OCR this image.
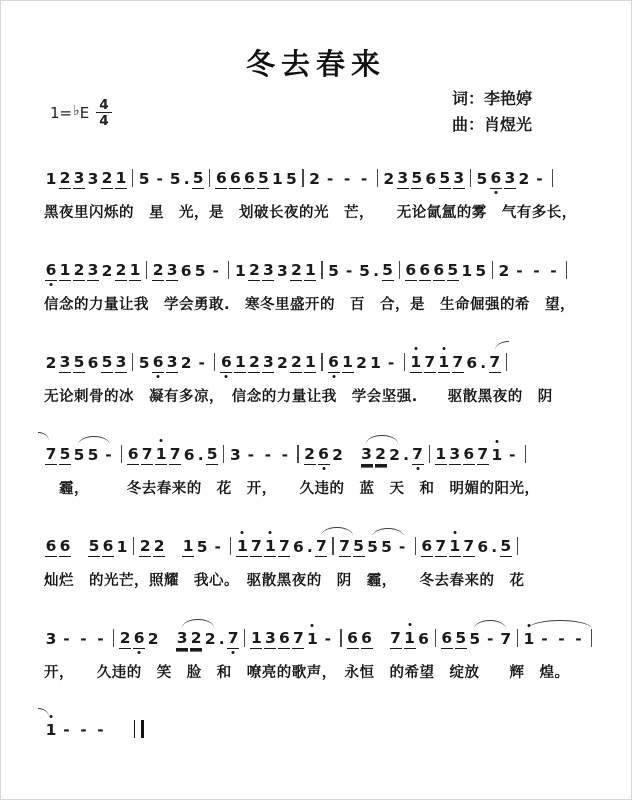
冬去春来
1= ♭ E $\frac{4}{4}$	词：李艳婷
曲：肖煜光
1 2 3 3 2 1 5 - 5 . 5 6 6 6 5 1 5 2 - - - 2 3 5 6 5 3 5 6 3 2 -
黑夜里闪烁的　星　光，是　划破长夜的光　芒，　　无论氤氲的雾　气有多长，
6 1 2 3 2 2 1 2 3 6 5 - 1 2 3 3 2 1 5 - 5 . 5 6 6 6 5 1 5 2 - - -
信念的力量让我　学会勇敢.　寒冬里盛开的　百　合，是　生命倔强的希　望，
2 3 5 6 5 3 5 6 3 2 - 6 1 2 3 2 2 1 6 1 2 1 - 1 7 1 7 6 . 7
无论刺骨的冰　凝有多凉，　信念的力量让我　学会坚强.　　驱散黑夜的　阴
7 5 5 5 - 6 7 1 7 6 . 5 3 - - - 2 6 2 3 2 2 . 7 1 3 6 7 1 -
　霾，　　　冬去春来的　花　开，　　久违的　蓝　天　和　明媚的阳光，
6 6 5 6 1 2 2 1 5 - 1 7 1 7 6 . 7 7 5 5 5 - 6 7 1 7 6 . 5
灿烂　的光芒，照耀　我心。　驱散黑夜的　阴　霾，　　冬去春来的　花
3 - - - 2 6 2 3 2 2 . 7 1 3 6 7 1 - 6 6 7 1 6 6 5 5 - 7 1 - - -
开，　　久违的　笑　脸　和　嘹亮的歌声，　永恒　的希望　绽放　　辉　煌。
1 - - -
